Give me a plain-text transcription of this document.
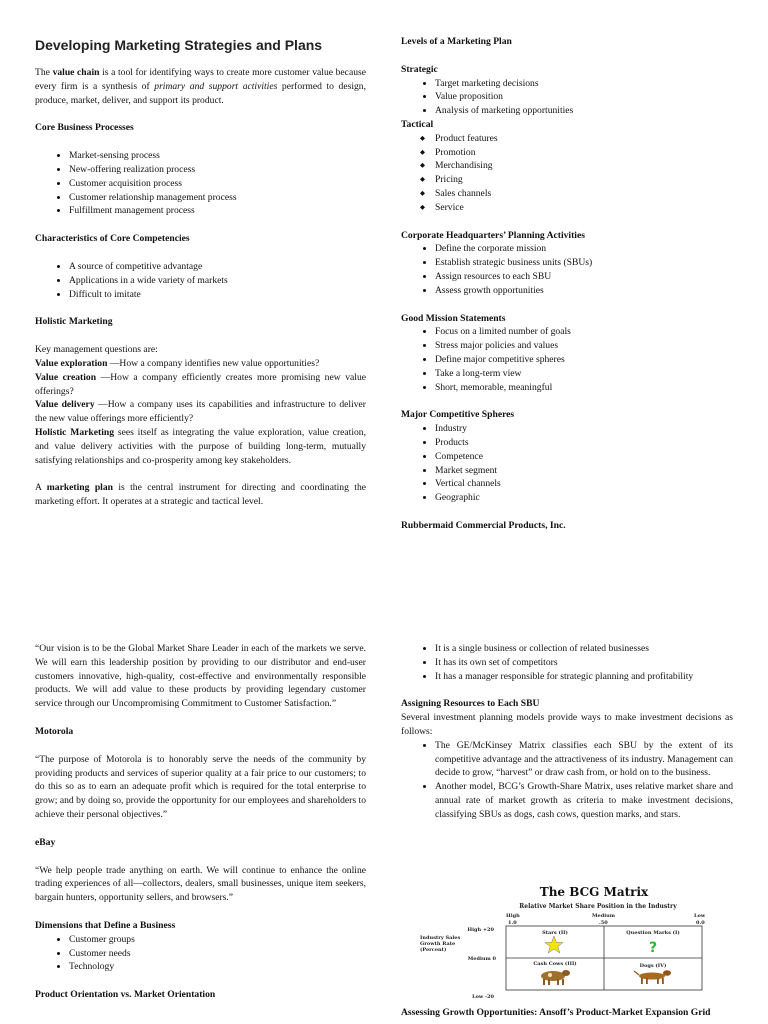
Developing Marketing Strategies and Plans

The value chain is a tool for identifying ways to create more customer value because every firm is a synthesis of primary and support activities performed to design, produce, market, deliver, and support its product.

Core Business Processes

• Market-sensing process
• New-offering realization process
• Customer acquisition process
• Customer relationship management process
• Fulfillment management process

Characteristics of Core Competencies

• A source of competitive advantage
• Applications in a wide variety of markets
• Difficult to imitate

Holistic Marketing

Key management questions are:

Value exploration —How a company identifies new value opportunities?

Value creation —How a company efficiently creates more promising new value offerings?

Value delivery —How a company uses its capabilities and infrastructure to deliver the new value offerings more efficiently?

Holistic Marketing sees itself as integrating the value exploration, value creation, and value delivery activities with the purpose of building long-term, mutually satisfying relationships and co-prosperity among key stakeholders.

A marketing plan is the central instrument for directing and coordinating the marketing effort. It operates at a strategic and tactical level.

Levels of a Marketing Plan

Strategic

• Target marketing decisions
• Value proposition
• Analysis of marketing opportunities

Tactical

◆ Product features
◆ Promotion
◆ Merchandising
◆ Pricing
◆ Sales channels
◆ Service

Corporate Headquarters’ Planning Activities

• Define the corporate mission
• Establish strategic business units (SBUs)
• Assign resources to each SBU
• Assess growth opportunities

Good Mission Statements

• Focus on a limited number of goals
• Stress major policies and values
• Define major competitive spheres
• Take a long-term view
• Short, memorable, meaningful

Major Competitive Spheres

• Industry
• Products
• Competence
• Market segment
• Vertical channels
• Geographic

Rubbermaid Commercial Products, Inc.

“Our vision is to be the Global Market Share Leader in each of the markets we serve. We will earn this leadership position by providing to our distributor and end-user customers innovative, high-quality, cost-effective and environmentally responsible products. We will add value to these products by providing legendary customer service through our Uncompromising Commitment to Customer Satisfaction.”

Motorola

“The purpose of Motorola is to honorably serve the needs of the community by providing products and services of superior quality at a fair price to our customers; to do this so as to earn an adequate profit which is required for the total enterprise to grow; and by doing so, provide the opportunity for our employees and shareholders to achieve their personal objectives.”

eBay

“We help people trade anything on earth. We will continue to enhance the online trading experiences of all—collectors, dealers, small businesses, unique item seekers, bargain hunters, opportunity sellers, and browsers.”

Dimensions that Define a Business

• Customer groups
• Customer needs
• Technology

Product Orientation vs. Market Orientation

• It is a single business or collection of related businesses
• It has its own set of competitors
• It has a manager responsible for strategic planning and profitability

Assigning Resources to Each SBU

Several investment planning models provide ways to make investment decisions as follows:

• The GE/McKinsey Matrix classifies each SBU by the extent of its competitive advantage and the attractiveness of its industry. Management can decide to grow, “harvest” or draw cash from, or hold on to the business.

• Another model, BCG’s Growth-Share Matrix, uses relative market share and annual rate of market growth as criteria to make investment decisions, classifying SBUs as dogs, cash cows, question marks, and stars.

The BCG Matrix
Relative Market Share Position in the Industry
High	Medium	Low
1.0	.50	0.0
High +20
Industry Sales
Growth Rate
(Percent)
Medium 0
Low -20
Stars (II)	Question Marks (I)
?
Cash Cows (III)	Dogs (IV)

Assessing Growth Opportunities: Ansoff’s Product-Market Expansion Grid
